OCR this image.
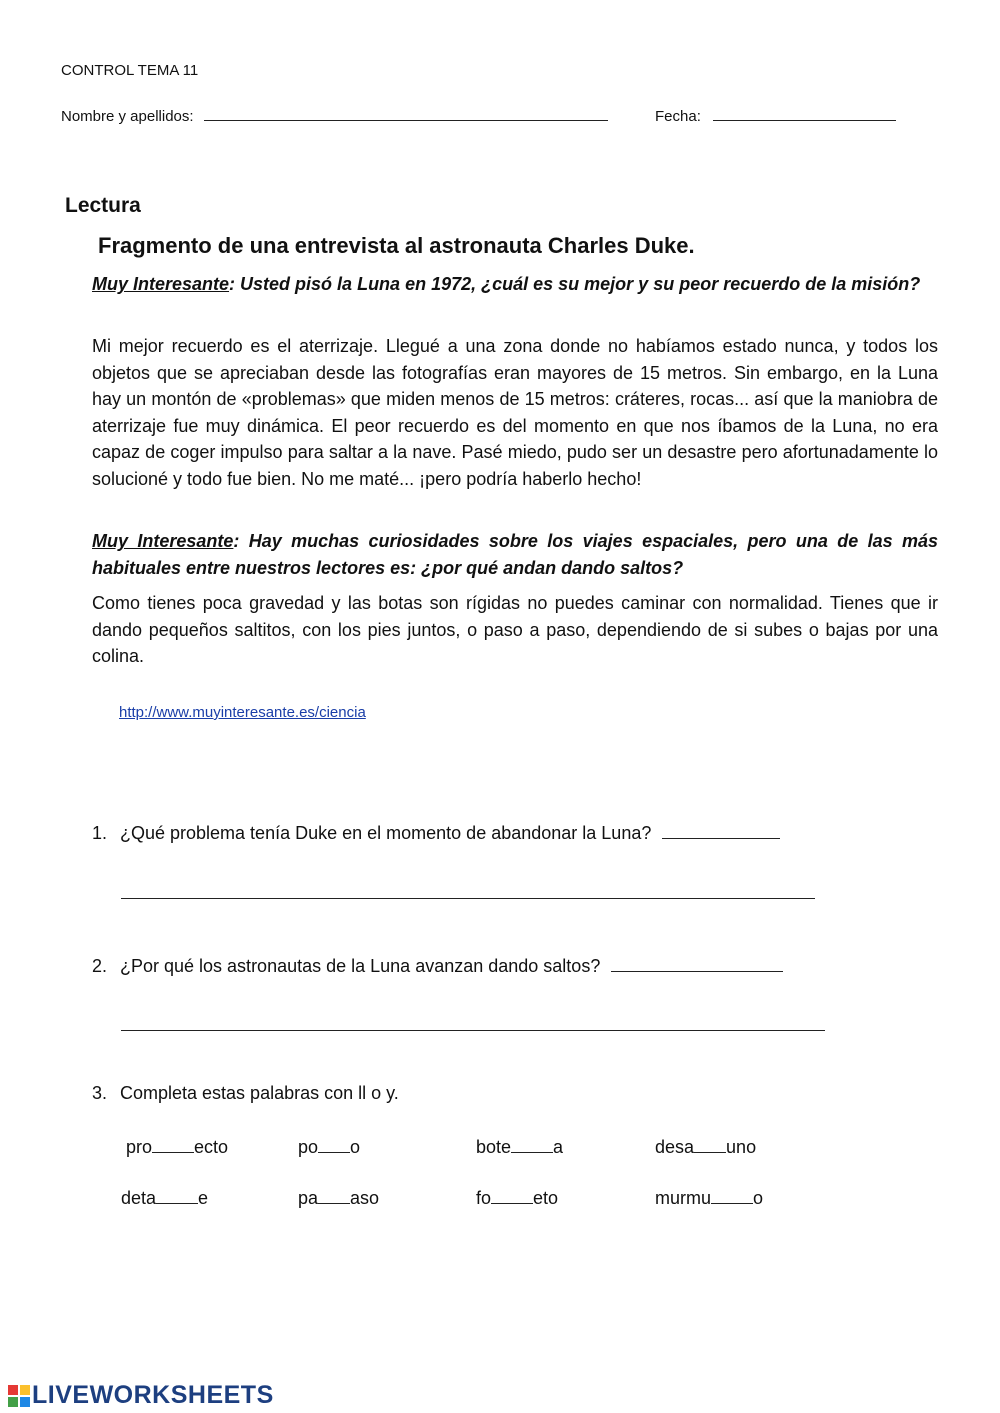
CONTROL TEMA 11
Nombre y apellidos:	Fecha:
Lectura
Fragmento de una entrevista al astronauta Charles Duke.
Muy Interesante: Usted pisó la Luna en 1972, ¿cuál es su mejor y su peor recuerdo de la misión?
Mi mejor recuerdo es el aterrizaje. Llegué a una zona donde no habíamos estado nunca, y todos los objetos que se apreciaban desde las fotografías eran mayores de 15 metros. Sin embargo, en la Luna hay un montón de «problemas» que miden menos de 15 metros: cráteres, rocas... así que la maniobra de aterrizaje fue muy dinámica. El peor recuerdo es del momento en que nos íbamos de la Luna, no era capaz de coger impulso para saltar a la nave. Pasé miedo, pudo ser un desastre pero afortunadamente lo solucioné y todo fue bien. No me maté... ¡pero podría haberlo hecho!
Muy Interesante: Hay muchas curiosidades sobre los viajes espaciales, pero una de las más habituales entre nuestros lectores es: ¿por qué andan dando saltos?
Como tienes poca gravedad y las botas son rígidas no puedes caminar con normalidad. Tienes que ir dando pequeños saltitos, con los pies juntos, o paso a paso, dependiendo de si subes o bajas por una colina.
http://www.muyinteresante.es/ciencia
1. ¿Qué problema tenía Duke en el momento de abandonar la Luna?
2. ¿Por qué los astronautas de la Luna avanzan dando saltos?
3. Completa estas palabras con ll o y.
pro ecto	po o	bote a	desa uno
deta e	pa aso	fo eto	murmu o
LIVEWORKSHEETS
